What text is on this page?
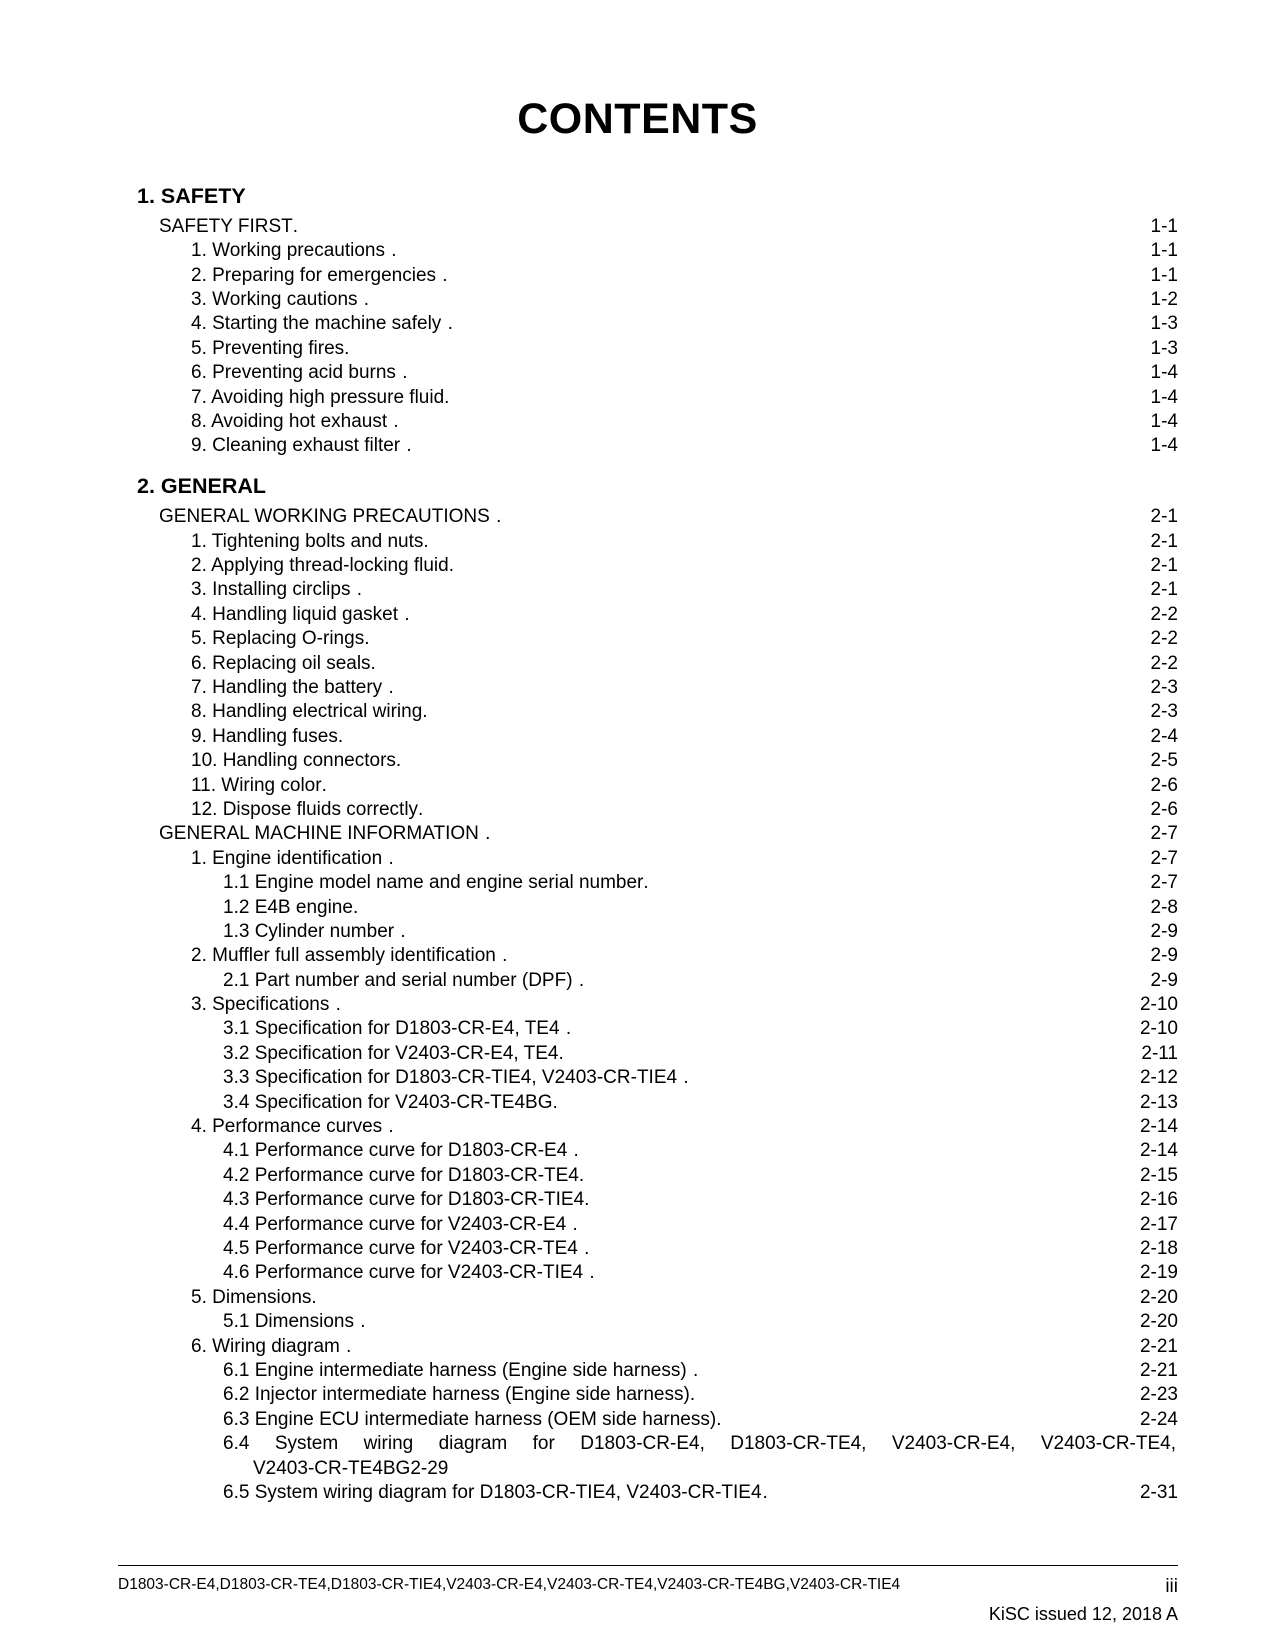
CONTENTS
1. SAFETY
SAFETY FIRST .	1-1
1. Working precautions .	1-1
2. Preparing for emergencies .	1-1
3. Working cautions .	1-2
4. Starting the machine safely .	1-3
5. Preventing fires .	1-3
6. Preventing acid burns .	1-4
7. Avoiding high pressure fluid .	1-4
8. Avoiding hot exhaust .	1-4
9. Cleaning exhaust filter .	1-4
2. GENERAL
GENERAL WORKING PRECAUTIONS .	2-1
1. Tightening bolts and nuts .	2-1
2. Applying thread-locking fluid .	2-1
3. Installing circlips .	2-1
4. Handling liquid gasket .	2-2
5. Replacing O-rings .	2-2
6. Replacing oil seals .	2-2
7. Handling the battery .	2-3
8. Handling electrical wiring .	2-3
9. Handling fuses .	2-4
10. Handling connectors .	2-5
11. Wiring color .	2-6
12. Dispose fluids correctly .	2-6
GENERAL MACHINE INFORMATION .	2-7
1. Engine identification .	2-7
1.1 Engine model name and engine serial number .	2-7
1.2 E4B engine .	2-8
1.3 Cylinder number .	2-9
2. Muffler full assembly identification .	2-9
2.1 Part number and serial number (DPF) .	2-9
3. Specifications .	2-10
3.1 Specification for D1803-CR-E4, TE4 .	2-10
3.2 Specification for V2403-CR-E4, TE4 .	2-11
3.3 Specification for D1803-CR-TIE4, V2403-CR-TIE4 .	2-12
3.4 Specification for V2403-CR-TE4BG .	2-13
4. Performance curves .	2-14
4.1 Performance curve for D1803-CR-E4 .	2-14
4.2 Performance curve for D1803-CR-TE4 .	2-15
4.3 Performance curve for D1803-CR-TIE4 .	2-16
4.4 Performance curve for V2403-CR-E4 .	2-17
4.5 Performance curve for V2403-CR-TE4 .	2-18
4.6 Performance curve for V2403-CR-TIE4 .	2-19
5. Dimensions .	2-20
5.1 Dimensions .	2-20
6. Wiring diagram .	2-21
6.1 Engine intermediate harness (Engine side harness) .	2-21
6.2 Injector intermediate harness (Engine side harness) .	2-23
6.3 Engine ECU intermediate harness (OEM side harness) .	2-24
6.4 System wiring diagram for D1803-CR-E4, D1803-CR-TE4, V2403-CR-E4, V2403-CR-TE4,
V2403-CR-TE4BG 2-29
6.5 System wiring diagram for D1803-CR-TIE4, V2403-CR-TIE4 .	2-31
D1803-CR-E4,D1803-CR-TE4,D1803-CR-TIE4,V2403-CR-E4,V2403-CR-TE4,V2403-CR-TE4BG,V2403-CR-TIE4	iii
KiSC issued 12, 2018 A
